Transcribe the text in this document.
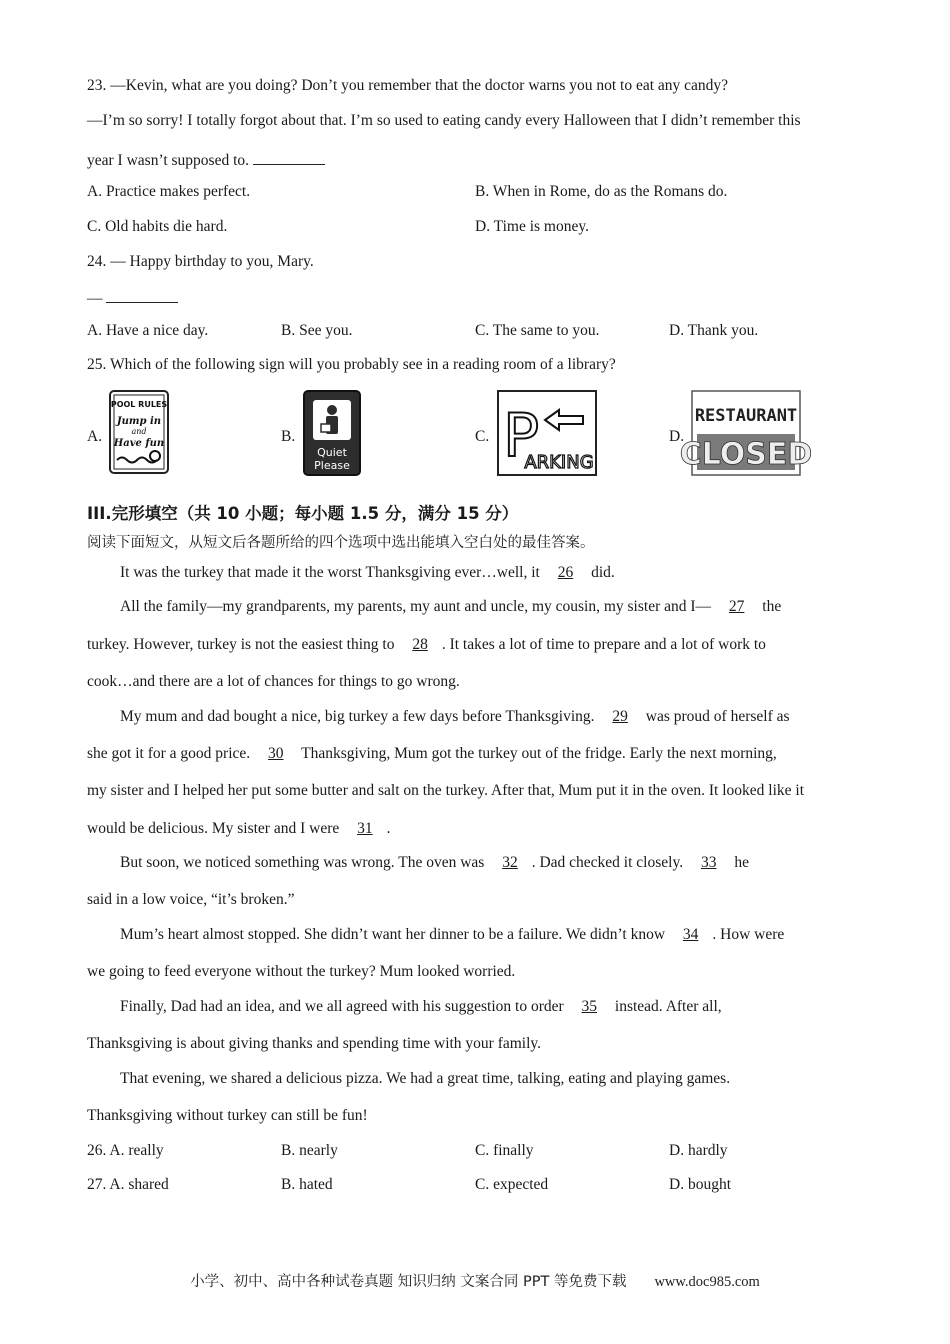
23. —Kevin, what are you doing? Don’t you remember that the doctor warns you not to eat any candy?
—I’m so sorry! I totally forgot about that. I’m so used to eating candy every Halloween that I didn’t remember this
year I wasn’t supposed to.
A. Practice makes perfect.	B. When in Rome, do as the Romans do.
C. Old habits die hard.	D. Time is money.
24. — Happy birthday to you, Mary.
—
A. Have a nice day.	B. See you.	C. The same to you.	D. Thank you.
25. Which of the following sign will you probably see in a reading room of a library?
A.
POOL RULES
Jump in
and
Have fun	B.
Quiet
Please
C. P
ARKING
D.
RESTAURANT
CLOSED
III.完形填空（共 10 小题；每小题 1.5 分，满分 15 分）
阅读下面短文，从短文后各题所给的四个选项中选出能填入空白处的最佳答案。
It was the turkey that made it the worst Thanksgiving ever…well, it 26 did.
All the family—my grandparents, my parents, my aunt and uncle, my cousin, my sister and I— 27 the
turkey. However, turkey is not the easiest thing to 28 . It takes a lot of time to prepare and a lot of work to
cook…and there are a lot of chances for things to go wrong.
My mum and dad bought a nice, big turkey a few days before Thanksgiving. 29 was proud of herself as
she got it for a good price. 30 Thanksgiving, Mum got the turkey out of the fridge. Early the next morning,
my sister and I helped her put some butter and salt on the turkey. After that, Mum put it in the oven. It looked like it
would be delicious. My sister and I were 31 .
But soon, we noticed something was wrong. The oven was 32 . Dad checked it closely. 33 he
said in a low voice, “it’s broken.”
Mum’s heart almost stopped. She didn’t want her dinner to be a failure. We didn’t know 34 . How were
we going to feed everyone without the turkey? Mum looked worried.
Finally, Dad had an idea, and we all agreed with his suggestion to order 35 instead. After all,
Thanksgiving is about giving thanks and spending time with your family.
That evening, we shared a delicious pizza. We had a great time, talking, eating and playing games.
Thanksgiving without turkey can still be fun!
26. A. really	B. nearly	C. finally	D. hardly
27. A. shared	B. hated	C. expected	D. bought
小学、初中、高中各种试卷真题 知识归纳 文案合同 PPT 等免费下载 www.doc985.com
